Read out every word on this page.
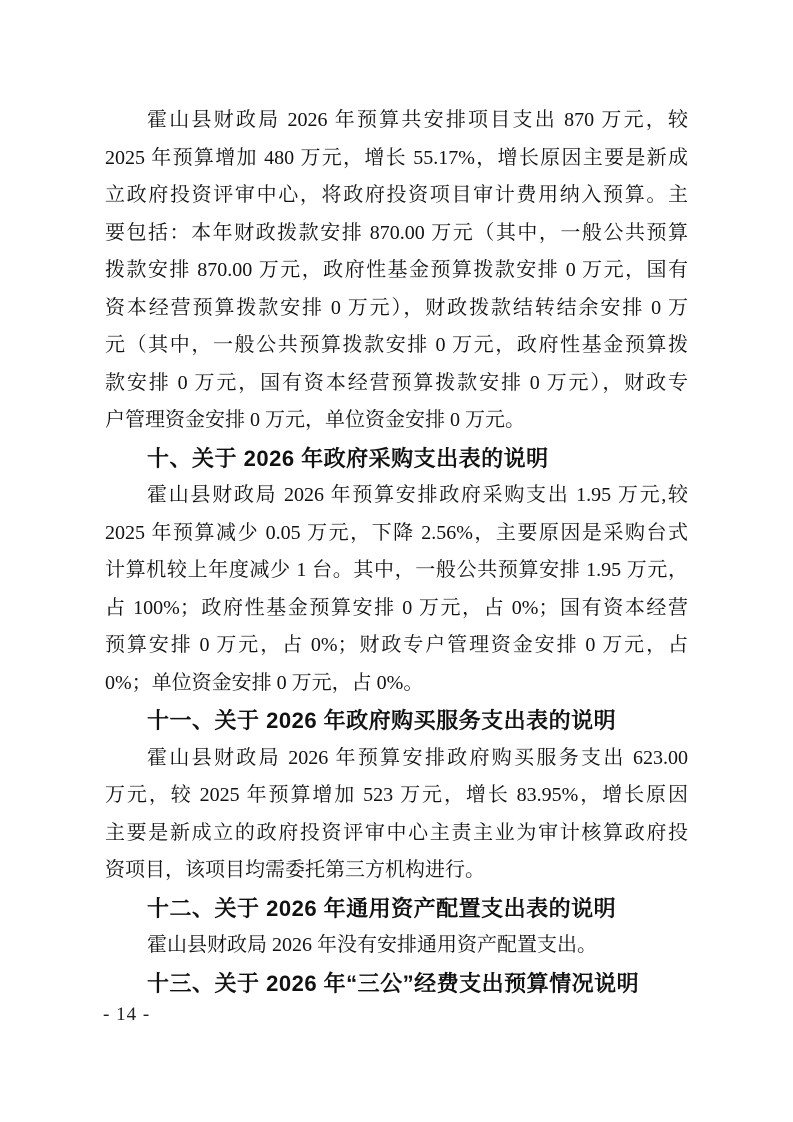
霍山县财政局 2026 年预算共安排项目支出 870 万元，较
2025 年预算增加 480 万元，增长 55.17%，增长原因主要是新成
立政府投资评审中心，将政府投资项目审计费用纳入预算。主
要包括：本年财政拨款安排 870.00 万元（其中，一般公共预算
拨款安排 870.00 万元，政府性基金预算拨款安排 0 万元，国有
资本经营预算拨款安排 0 万元），财政拨款结转结余安排 0 万
元（其中，一般公共预算拨款安排 0 万元，政府性基金预算拨
款安排 0 万元，国有资本经营预算拨款安排 0 万元），财政专
户管理资金安排 0 万元，单位资金安排 0 万元。
十、关于 2026 年政府采购支出表的说明
霍山县财政局 2026 年预算安排政府采购支出 1.95 万元,较
2025 年预算减少 0.05 万元，下降 2.56%，主要原因是采购台式
计算机较上年度减少 1 台。其中，一般公共预算安排 1.95 万元，
占 100%；政府性基金预算安排 0 万元，占 0%；国有资本经营
预算安排 0 万元，占 0%；财政专户管理资金安排 0 万元，占
0%；单位资金安排 0 万元，占 0%。
十一、关于 2026 年政府购买服务支出表的说明
霍山县财政局 2026 年预算安排政府购买服务支出 623.00
万元，较 2025 年预算增加 523 万元，增长 83.95%，增长原因
主要是新成立的政府投资评审中心主责主业为审计核算政府投
资项目，该项目均需委托第三方机构进行。
十二、关于 2026 年通用资产配置支出表的说明
霍山县财政局 2026 年没有安排通用资产配置支出。
十三、关于 2026 年“三公”经费支出预算情况说明
- 14 -
